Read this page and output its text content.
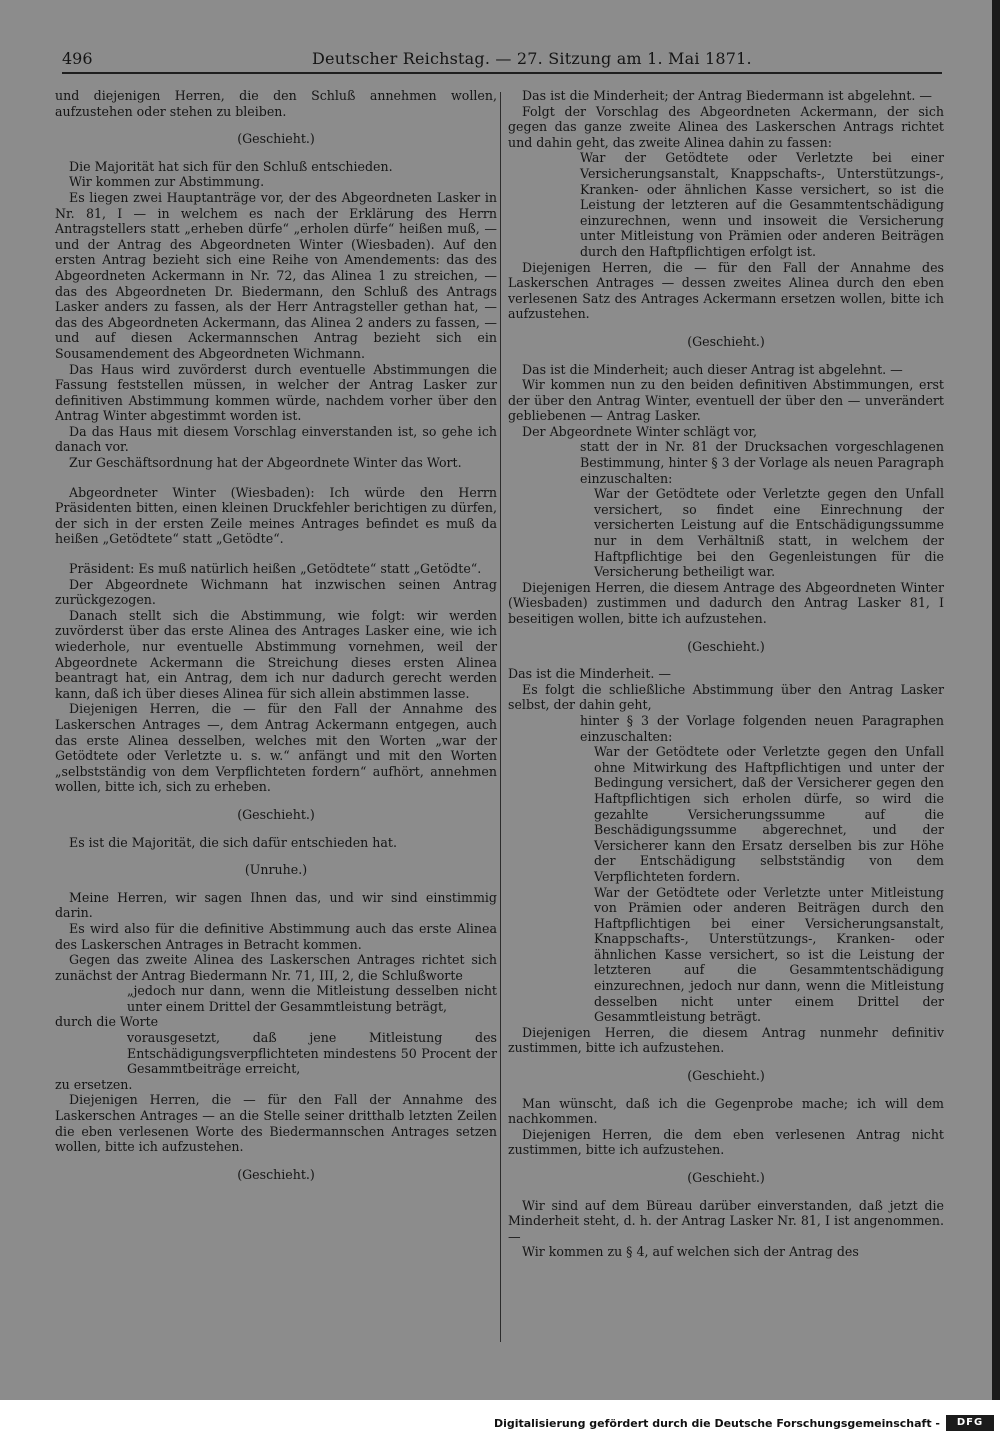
496	Deutscher Reichstag. — 27. Sitzung am 1. Mai 1871.

und diejenigen Herren, die den Schluß annehmen wollen, aufzustehen oder stehen zu bleiben.

(Geschieht.)

Die Majorität hat sich für den Schluß entschieden.

Wir kommen zur Abstimmung.

Es liegen zwei Hauptanträge vor, der des Abgeordneten Lasker in Nr. 81, I — in welchem es nach der Erklärung des Herrn Antragstellers statt „erheben dürfe“ „erholen dürfe“ heißen muß, — und der Antrag des Abgeordneten Winter (Wiesbaden). Auf den ersten Antrag bezieht sich eine Reihe von Amendements: das des Abgeordneten Ackermann in Nr. 72, das Alinea 1 zu streichen, — das des Abgeordneten Dr. Biedermann, den Schluß des Antrags Lasker anders zu fassen, als der Herr Antragsteller gethan hat, — das des Abgeordneten Ackermann, das Alinea 2 anders zu fassen, — und auf diesen Ackermannschen Antrag bezieht sich ein Sousamendement des Abgeordneten Wichmann.

Das Haus wird zuvörderst durch eventuelle Abstimmungen die Fassung feststellen müssen, in welcher der Antrag Lasker zur definitiven Abstimmung kommen würde, nachdem vorher über den Antrag Winter abgestimmt worden ist.

Da das Haus mit diesem Vorschlag einverstanden ist, so gehe ich danach vor.

Zur Geschäftsordnung hat der Abgeordnete Winter das Wort.

Abgeordneter Winter (Wiesbaden): Ich würde den Herrn Präsidenten bitten, einen kleinen Druckfehler berichtigen zu dürfen, der sich in der ersten Zeile meines Antrages befindet es muß da heißen „Getödtete“ statt „Getödte“.

Präsident: Es muß natürlich heißen „Getödtete“ statt „Getödte“.

Der Abgeordnete Wichmann hat inzwischen seinen Antrag zurückgezogen.

Danach stellt sich die Abstimmung, wie folgt: wir werden zuvörderst über das erste Alinea des Antrages Lasker eine, wie ich wiederhole, nur eventuelle Abstimmung vornehmen, weil der Abgeordnete Ackermann die Streichung dieses ersten Alinea beantragt hat, ein Antrag, dem ich nur dadurch gerecht werden kann, daß ich über dieses Alinea für sich allein abstimmen lasse.

Diejenigen Herren, die — für den Fall der Annahme des Laskerschen Antrages —, dem Antrag Ackermann entgegen, auch das erste Alinea desselben, welches mit den Worten „war der Getödtete oder Verletzte u. s. w.“ anfängt und mit den Worten „selbstständig von dem Verpflichteten fordern“ aufhört, annehmen wollen, bitte ich, sich zu erheben.

(Geschieht.)

Es ist die Majorität, die sich dafür entschieden hat.

(Unruhe.)

Meine Herren, wir sagen Ihnen das, und wir sind einstimmig darin.

Es wird also für die definitive Abstimmung auch das erste Alinea des Laskerschen Antrages in Betracht kommen.

Gegen das zweite Alinea des Laskerschen Antrages richtet sich zunächst der Antrag Biedermann Nr. 71, III, 2, die Schlußworte

„jedoch nur dann, wenn die Mitleistung desselben nicht unter einem Drittel der Gesammtleistung beträgt,

durch die Worte

vorausgesetzt, daß jene Mitleistung des Entschädigungsverpflichteten mindestens 50 Procent der Gesammtbeiträge erreicht,

zu ersetzen.

Diejenigen Herren, die — für den Fall der Annahme des Laskerschen Antrages — an die Stelle seiner dritthalb letzten Zeilen die eben verlesenen Worte des Biedermannschen Antrages setzen wollen, bitte ich aufzustehen.

(Geschieht.)

Das ist die Minderheit; der Antrag Biedermann ist abgelehnt. —

Folgt der Vorschlag des Abgeordneten Ackermann, der sich gegen das ganze zweite Alinea des Laskerschen Antrags richtet und dahin geht, das zweite Alinea dahin zu fassen:

War der Getödtete oder Verletzte bei einer Versicherungsanstalt, Knappschafts-, Unterstützungs-, Kranken- oder ähnlichen Kasse versichert, so ist die Leistung der letzteren auf die Gesammtentschädigung einzurechnen, wenn und insoweit die Versicherung unter Mitleistung von Prämien oder anderen Beiträgen durch den Haftpflichtigen erfolgt ist.

Diejenigen Herren, die — für den Fall der Annahme des Laskerschen Antrages — dessen zweites Alinea durch den eben verlesenen Satz des Antrages Ackermann ersetzen wollen, bitte ich aufzustehen.

(Geschieht.)

Das ist die Minderheit; auch dieser Antrag ist abgelehnt. —

Wir kommen nun zu den beiden definitiven Abstimmungen, erst der über den Antrag Winter, eventuell der über den — unverändert gebliebenen — Antrag Lasker.

Der Abgeordnete Winter schlägt vor,

statt der in Nr. 81 der Drucksachen vorgeschlagenen Bestimmung, hinter § 3 der Vorlage als neuen Paragraph einzuschalten:

War der Getödtete oder Verletzte gegen den Unfall versichert, so findet eine Einrechnung der versicherten Leistung auf die Entschädigungssumme nur in dem Verhältniß statt, in welchem der Haftpflichtige bei den Gegenleistungen für die Versicherung betheiligt war.

Diejenigen Herren, die diesem Antrage des Abgeordneten Winter (Wiesbaden) zustimmen und dadurch den Antrag Lasker 81, I beseitigen wollen, bitte ich aufzustehen.

(Geschieht.)

Das ist die Minderheit. —

Es folgt die schließliche Abstimmung über den Antrag Lasker selbst, der dahin geht,

hinter § 3 der Vorlage folgenden neuen Paragraphen einzuschalten:

War der Getödtete oder Verletzte gegen den Unfall ohne Mitwirkung des Haftpflichtigen und unter der Bedingung versichert, daß der Versicherer gegen den Haftpflichtigen sich erholen dürfe, so wird die gezahlte Versicherungssumme auf die Beschädigungssumme abgerechnet, und der Versicherer kann den Ersatz derselben bis zur Höhe der Entschädigung selbstständig von dem Verpflichteten fordern.

War der Getödtete oder Verletzte unter Mitleistung von Prämien oder anderen Beiträgen durch den Haftpflichtigen bei einer Versicherungsanstalt, Knappschafts-, Unterstützungs-, Kranken- oder ähnlichen Kasse versichert, so ist die Leistung der letzteren auf die Gesammtentschädigung einzurechnen, jedoch nur dann, wenn die Mitleistung desselben nicht unter einem Drittel der Gesammtleistung beträgt.

Diejenigen Herren, die diesem Antrag nunmehr definitiv zustimmen, bitte ich aufzustehen.

(Geschieht.)

Man wünscht, daß ich die Gegenprobe mache; ich will dem nachkommen.

Diejenigen Herren, die dem eben verlesenen Antrag nicht zustimmen, bitte ich aufzustehen.

(Geschieht.)

Wir sind auf dem Büreau darüber einverstanden, daß jetzt die Minderheit steht, d. h. der Antrag Lasker Nr. 81, I ist angenommen. —

Wir kommen zu § 4, auf welchen sich der Antrag des

Digitalisierung gefördert durch die Deutsche Forschungsgemeinschaft -	DFG
